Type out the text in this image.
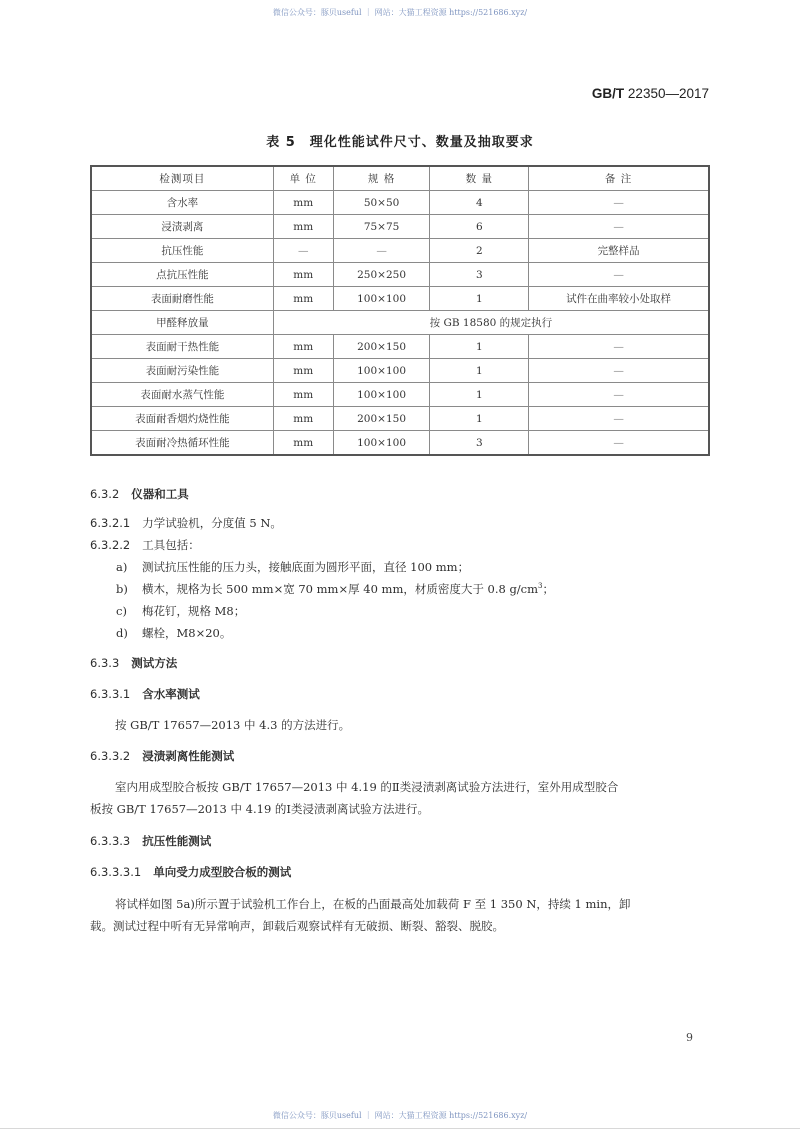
微信公众号：豚贝useful ｜ 网站：大猫工程资源 https://521686.xyz/
GB/T 22350—2017
表 5　理化性能试件尺寸、数量及抽取要求
检测项目	单 位	规 格	数 量	备 注
含水率	mm	50×50	4	—
浸渍剥离	mm	75×75	6	—
抗压性能	—	—	2	完整样品
点抗压性能	mm	250×250	3	—
表面耐磨性能	mm	100×100	1	试件在曲率较小处取样
甲醛释放量	按 GB 18580 的规定执行			
表面耐干热性能	mm	200×150	1	—
表面耐污染性能	mm	100×100	1	—
表面耐水蒸气性能	mm	100×100	1	—
表面耐香烟灼烧性能	mm	200×150	1	—
表面耐冷热循环性能	mm	100×100	3	—
6.3.2 仪器和工具
6.3.2.1 力学试验机，分度值 5 N。
6.3.2.2 工具包括：
a) 测试抗压性能的压力头，接触底面为圆形平面，直径 100 mm；
b) 横木，规格为长 500 mm×宽 70 mm×厚 40 mm，材质密度大于 0.8 $g/cm^3$；
c) 梅花钉，规格 M8；
d) 螺栓，M8×20。
6.3.3 测试方法
6.3.3.1 含水率测试
按 GB/T 17657—2013 中 4.3 的方法进行。
6.3.3.2 浸渍剥离性能测试
室内用成型胶合板按 GB/T 17657—2013 中 4.19 的Ⅱ类浸渍剥离试验方法进行，室外用成型胶合
板按 GB/T 17657—2013 中 4.19 的Ⅰ类浸渍剥离试验方法进行。
6.3.3.3 抗压性能测试
6.3.3.3.1 单向受力成型胶合板的测试
将试样如图 5a)所示置于试验机工作台上，在板的凸面最高处加载荷 F 至 1 350 N，持续 1 min，卸
载。测试过程中听有无异常响声，卸载后观察试样有无破损、断裂、豁裂、脱胶。
9
微信公众号：豚贝useful ｜ 网站：大猫工程资源 https://521686.xyz/
